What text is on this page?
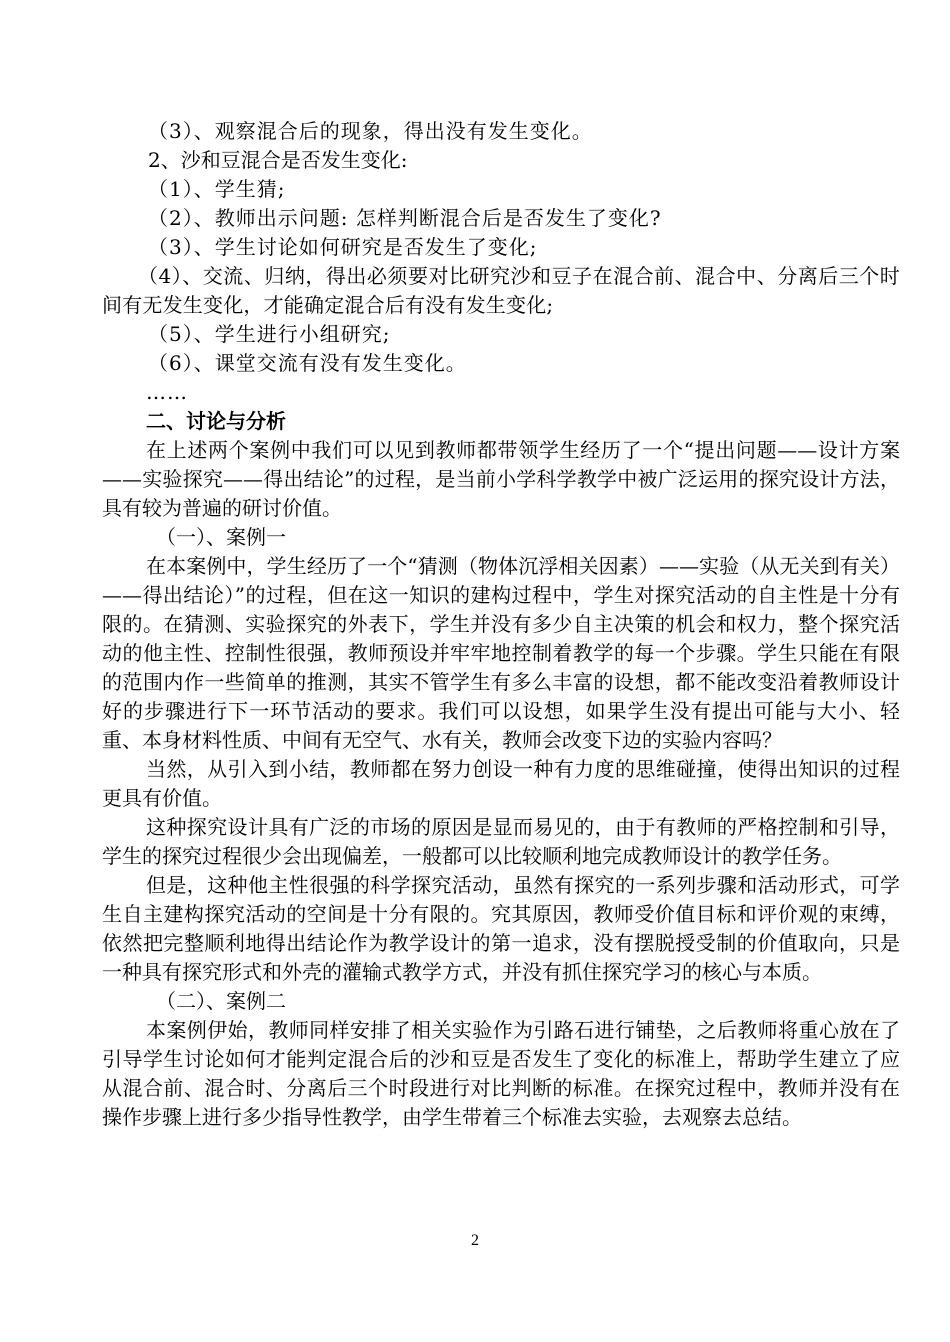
（3）、观察混合后的现象，得出没有发生变化。
2、沙和豆混合是否发生变化:
（1）、学生猜;
（2）、教师出示问题: 怎样判断混合后是否发生了变化?
（3）、学生讨论如何研究是否发生了变化;

（4）、交流、归纳，得出必须要对比研究沙和豆子在混合前、混合中、分离后三个时间有无发生变化，才能确定混合后有没有发生变化;

（5）、学生进行小组研究;
（6）、课堂交流有没有发生变化。
……
二、讨论与分析

在上述两个案例中我们可以见到教师都带领学生经历了一个“提出问题——设计方案——实验探究——得出结论”的过程，是当前小学科学教学中被广泛运用的探究设计方法，具有较为普遍的研讨价值。

（一）、案例一

在本案例中，学生经历了一个“猜测（物体沉浮相关因素）——实验（从无关到有关）——得出结论）”的过程，但在这一知识的建构过程中，学生对探究活动的自主性是十分有限的。在猜测、实验探究的外表下，学生并没有多少自主决策的机会和权力，整个探究活动的他主性、控制性很强，教师预设并牢牢地控制着教学的每一个步骤。学生只能在有限的范围内作一些简单的推测，其实不管学生有多么丰富的设想，都不能改变沿着教师设计好的步骤进行下一环节活动的要求。我们可以设想，如果学生没有提出可能与大小、轻重、本身材料性质、中间有无空气、水有关，教师会改变下边的实验内容吗？

当然，从引入到小结，教师都在努力创设一种有力度的思维碰撞，使得出知识的过程更具有价值。

这种探究设计具有广泛的市场的原因是显而易见的，由于有教师的严格控制和引导，学生的探究过程很少会出现偏差，一般都可以比较顺利地完成教师设计的教学任务。

但是，这种他主性很强的科学探究活动，虽然有探究的一系列步骤和活动形式，可学生自主建构探究活动的空间是十分有限的。究其原因，教师受价值目标和评价观的束缚，依然把完整顺利地得出结论作为教学设计的第一追求，没有摆脱授受制的价值取向，只是一种具有探究形式和外壳的灌输式教学方式，并没有抓住探究学习的核心与本质。

（二）、案例二

本案例伊始，教师同样安排了相关实验作为引路石进行铺垫，之后教师将重心放在了引导学生讨论如何才能判定混合后的沙和豆是否发生了变化的标准上，帮助学生建立了应从混合前、混合时、分离后三个时段进行对比判断的标准。在探究过程中，教师并没有在操作步骤上进行多少指导性教学，由学生带着三个标准去实验，去观察去总结。

2
